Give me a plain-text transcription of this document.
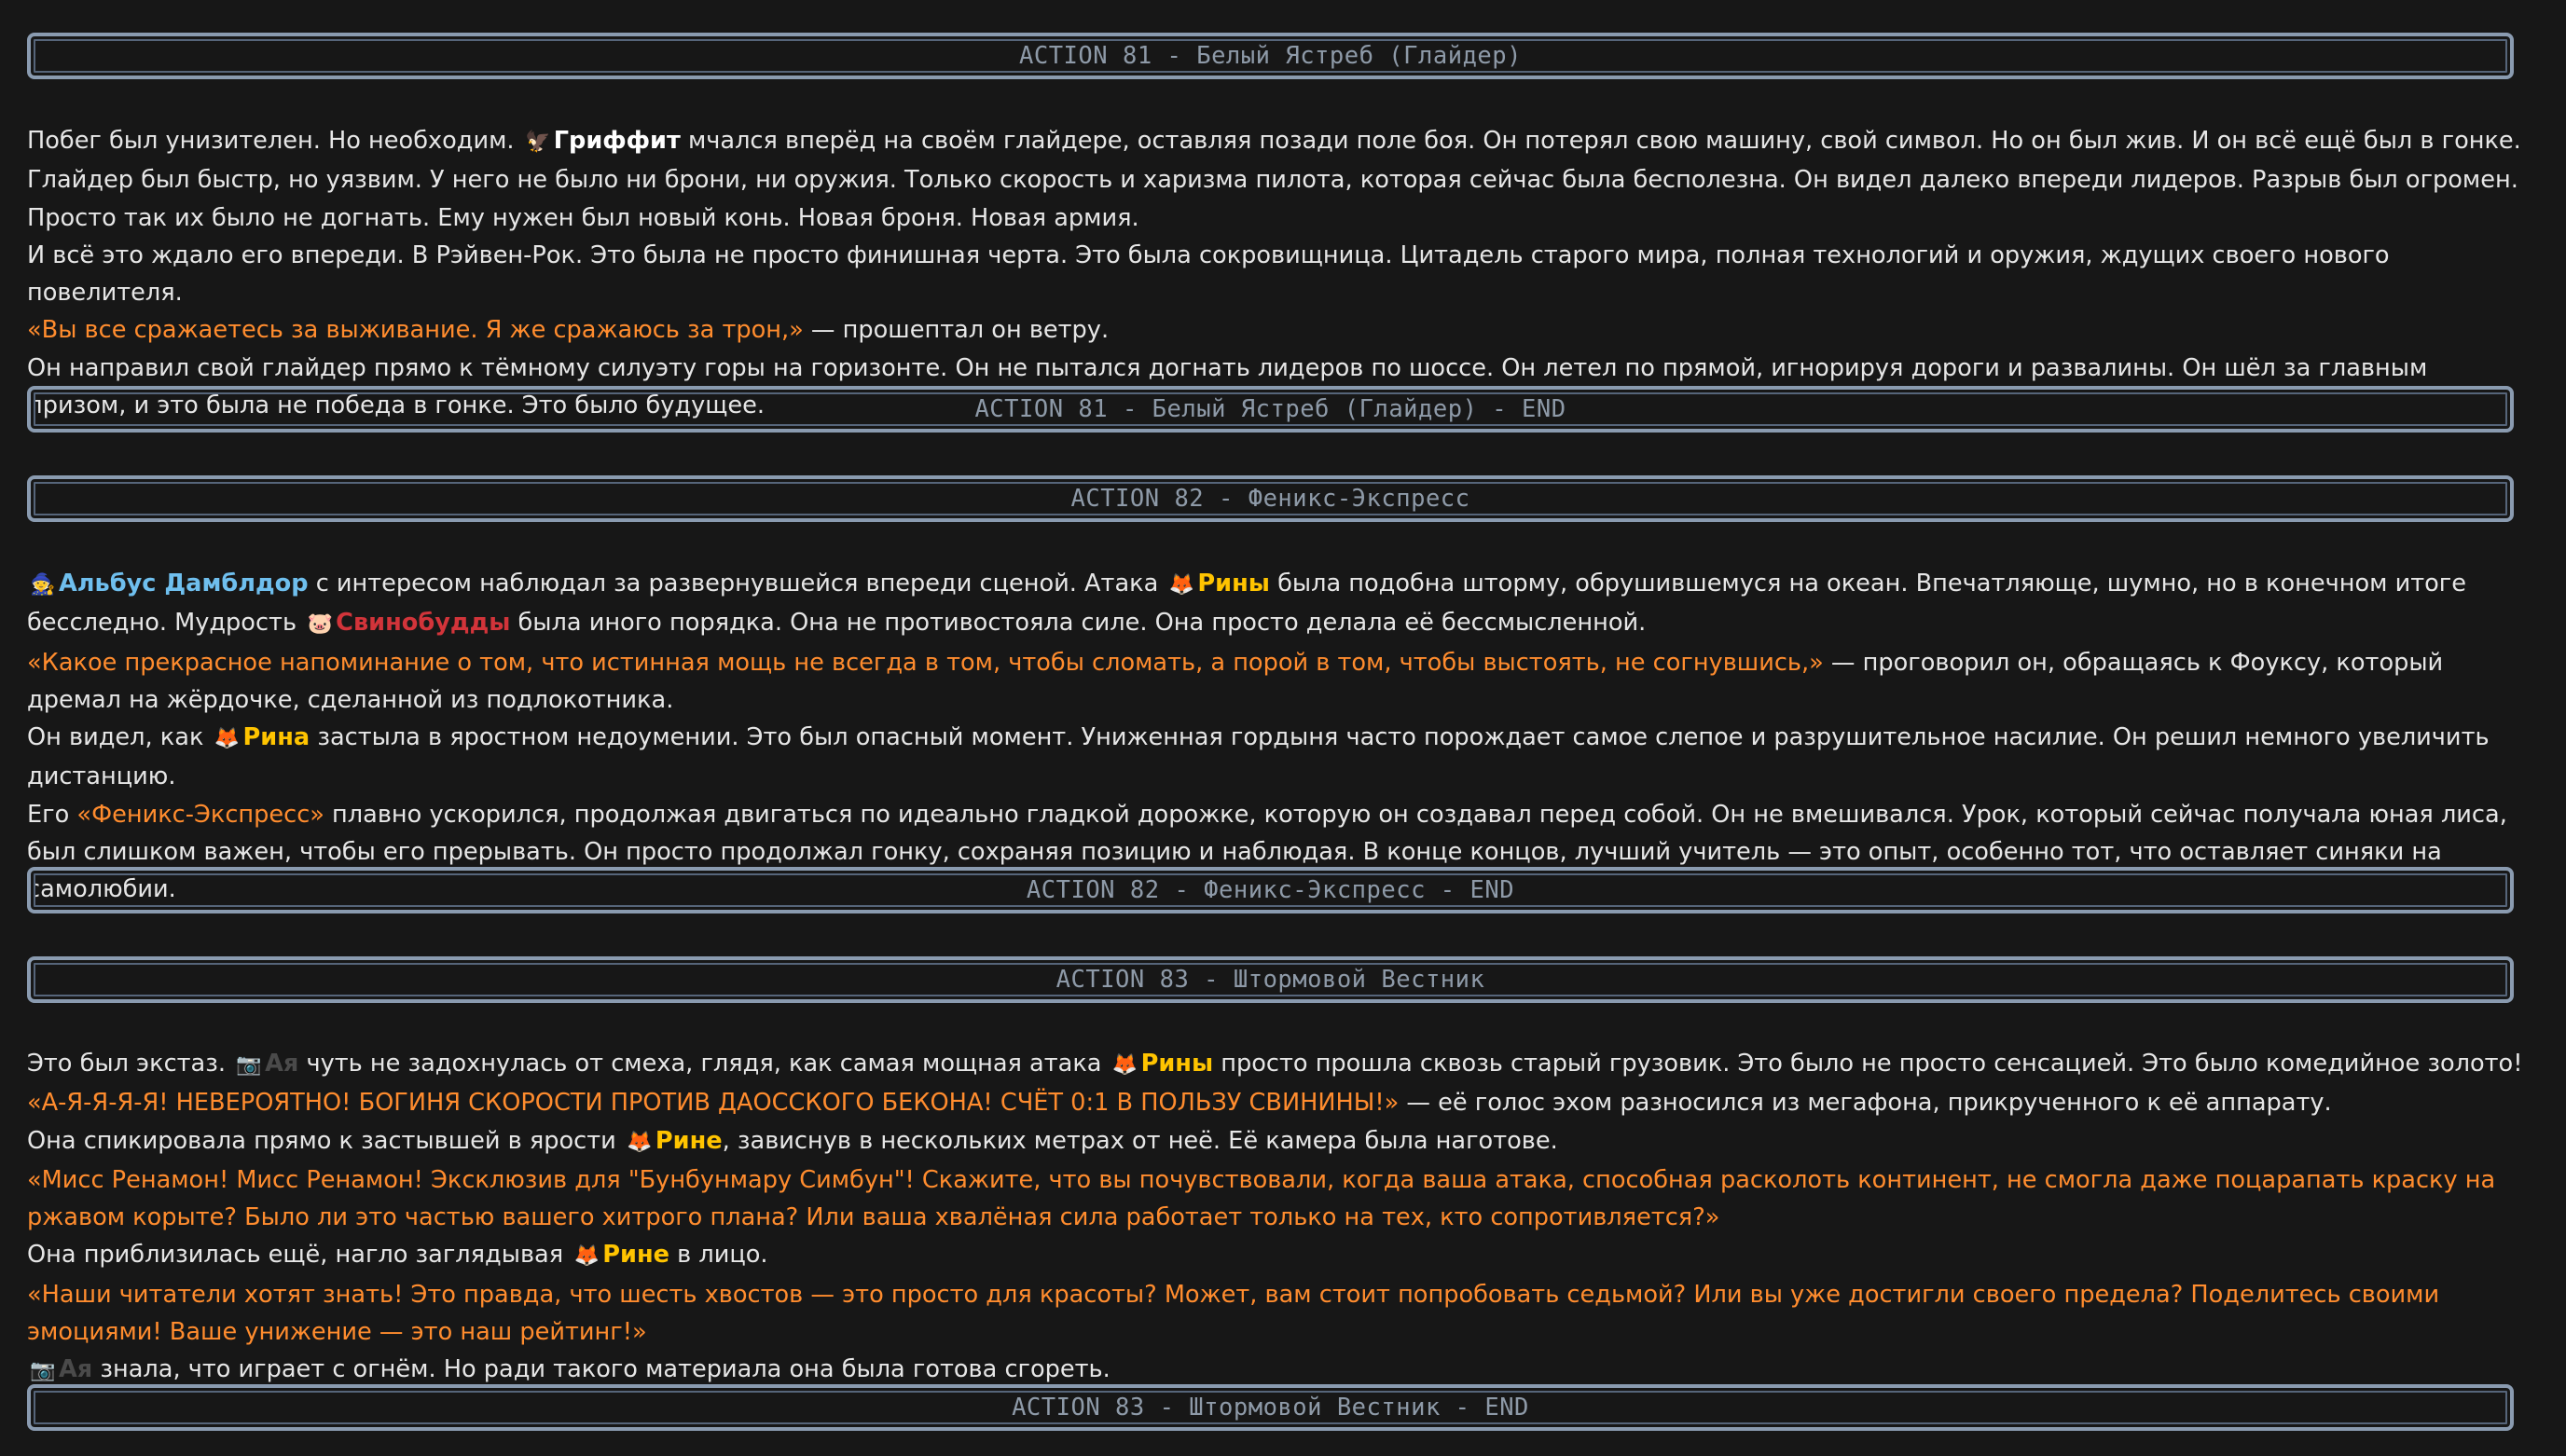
ACTION 81 - Белый Ястреб (Глайдер)

Побег был унизителен. Но необходим. 🦅 Гриффит мчался вперёд на своём глайдере, оставляя позади поле боя. Он потерял свою машину, свой символ. Но он был жив. И он всё ещё был в гонке.

Глайдер был быстр, но уязвим. У него не было ни брони, ни оружия. Только скорость и харизма пилота, которая сейчас была бесполезна. Он видел далеко впереди лидеров. Разрыв был огромен. Просто так их было не догнать. Ему нужен был новый конь. Новая броня. Новая армия.

И всё это ждало его впереди. В Рэйвен-Рок. Это была не просто финишная черта. Это была сокровищница. Цитадель старого мира, полная технологий и оружия, ждущих своего нового повелителя.

«Вы все сражаетесь за выживание. Я же сражаюсь за трон,» — прошептал он ветру.

Он направил свой глайдер прямо к тёмному силуэту горы на горизонте. Он не пытался догнать лидеров по шоссе. Он летел по прямой, игнорируя дороги и развалины. Он шёл за главным призом, и это была не победа в гонке. Это было будущее.	ACTION 81 - Белый Ястреб (Глайдер) - END
ACTION 82 - Феникс-Экспресс

🧙 Альбус Дамблдор с интересом наблюдал за развернувшейся впереди сценой. Атака 🦊 Рины была подобна шторму, обрушившемуся на океан. Впечатляюще, шумно, но в конечном итоге бесследно. Мудрость 🐷 Свинобудды была иного порядка. Она не противостояла силе. Она просто делала её бессмысленной.

«Какое прекрасное напоминание о том, что истинная мощь не всегда в том, чтобы сломать, а порой в том, чтобы выстоять, не согнувшись,» — проговорил он, обращаясь к Фоуксу, который дремал на жёрдочке, сделанной из подлокотника.

Он видел, как 🦊 Рина застыла в яростном недоумении. Это был опасный момент. Униженная гордыня часто порождает самое слепое и разрушительное насилие. Он решил немного увеличить дистанцию.

Его «Феникс-Экспресс» плавно ускорился, продолжая двигаться по идеально гладкой дорожке, которую он создавал перед собой. Он не вмешивался. Урок, который сейчас получала юная лиса, был слишком важен, чтобы его прерывать. Он просто продолжал гонку, сохраняя позицию и наблюдая. В конце концов, лучший учитель — это опыт, особенно тот, что оставляет синяки на самолюбии.	ACTION 82 - Феникс-Экспресс - END
ACTION 83 - Штормовой Вестник

Это был экстаз. 📷 Ая чуть не задохнулась от смеха, глядя, как самая мощная атака 🦊 Рины просто прошла сквозь старый грузовик. Это было не просто сенсацией. Это было комедийное золото!

«А-Я-Я-Я-Я! НЕВЕРОЯТНО! БОГИНЯ СКОРОСТИ ПРОТИВ ДАОССКОГО БЕКОНА! СЧЁТ 0:1 В ПОЛЬЗУ СВИНИНЫ!» — её голос эхом разносился из мегафона, прикрученного к её аппарату.

Она спикировала прямо к застывшей в ярости 🦊 Рине, зависнув в нескольких метрах от неё. Её камера была наготове.

«Мисс Ренамон! Мисс Ренамон! Эксклюзив для "Бунбунмару Симбун"! Скажите, что вы почувствовали, когда ваша атака, способная расколоть континент, не смогла даже поцарапать краску на ржавом корыте? Было ли это частью вашего хитрого плана? Или ваша хвалёная сила работает только на тех, кто сопротивляется?»

Она приблизилась ещё, нагло заглядывая 🦊 Рине в лицо.

«Наши читатели хотят знать! Это правда, что шесть хвостов — это просто для красоты? Может, вам стоит попробовать седьмой? Или вы уже достигли своего предела? Поделитесь своими эмоциями! Ваше унижение — это наш рейтинг!»

📷 Ая знала, что играет с огнём. Но ради такого материала она была готова сгореть.

ACTION 83 - Штормовой Вестник - END
